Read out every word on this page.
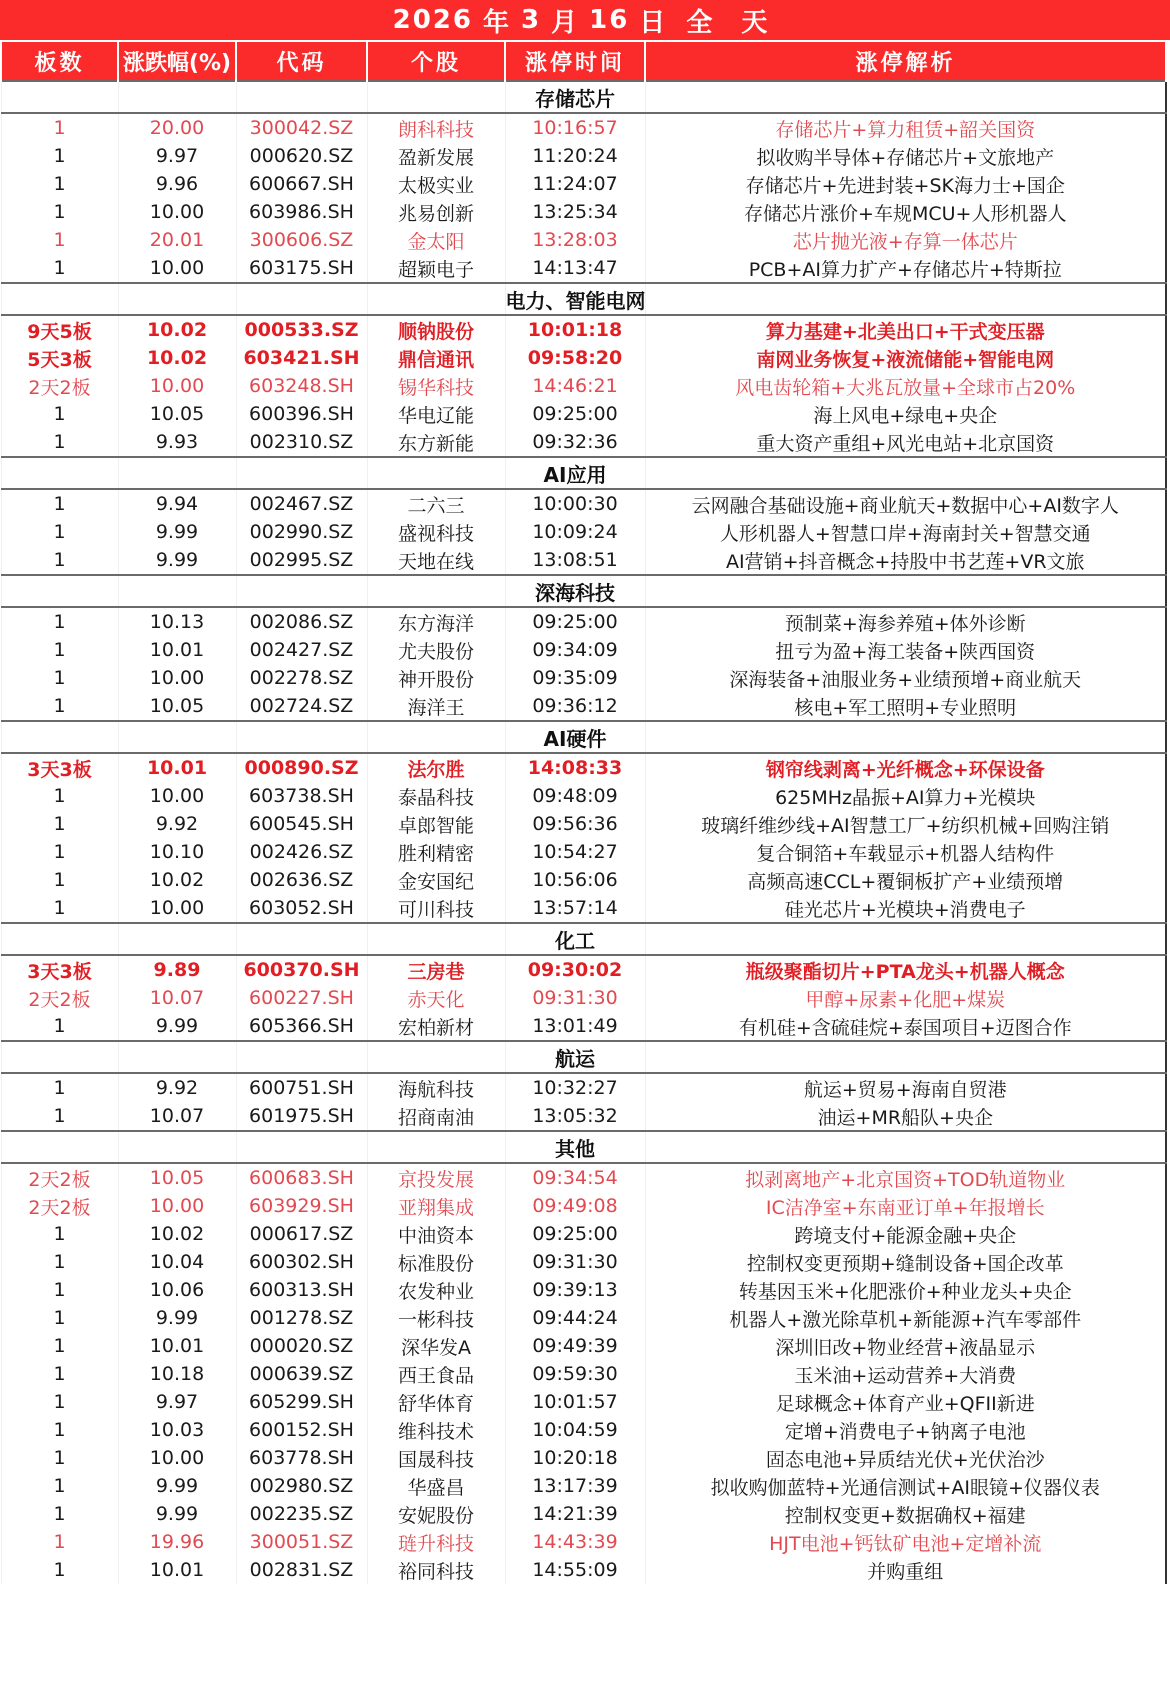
2026 年 3 月 16 日 全 天
板数	涨跌幅(%)	代码	个股	涨停时间	涨停解析
				存储芯片	
1	20.00	300042.SZ	朗科科技	10:16:57	存储芯片+算力租赁+韶关国资
1	9.97	000620.SZ	盈新发展	11:20:24	拟收购半导体+存储芯片+文旅地产
1	9.96	600667.SH	太极实业	11:24:07	存储芯片+先进封装+SK海力士+国企
1	10.00	603986.SH	兆易创新	13:25:34	存储芯片涨价+车规MCU+人形机器人
1	20.01	300606.SZ	金太阳	13:28:03	芯片抛光液+存算一体芯片
1	10.00	603175.SH	超颖电子	14:13:47	PCB+AI算力扩产+存储芯片+特斯拉
				电力、智能电网	
9天5板	10.02	000533.SZ	顺钠股份	10:01:18	算力基建+北美出口+干式变压器
5天3板	10.02	603421.SH	鼎信通讯	09:58:20	南网业务恢复+液流储能+智能电网
2天2板	10.00	603248.SH	锡华科技	14:46:21	风电齿轮箱+大兆瓦放量+全球市占20%
1	10.05	600396.SH	华电辽能	09:25:00	海上风电+绿电+央企
1	9.93	002310.SZ	东方新能	09:32:36	重大资产重组+风光电站+北京国资
				AI应用	
1	9.94	002467.SZ	二六三	10:00:30	云网融合基础设施+商业航天+数据中心+AI数字人
1	9.99	002990.SZ	盛视科技	10:09:24	人形机器人+智慧口岸+海南封关+智慧交通
1	9.99	002995.SZ	天地在线	13:08:51	AI营销+抖音概念+持股中书艺莲+VR文旅
				深海科技	
1	10.13	002086.SZ	东方海洋	09:25:00	预制菜+海参养殖+体外诊断
1	10.01	002427.SZ	尤夫股份	09:34:09	扭亏为盈+海工装备+陕西国资
1	10.00	002278.SZ	神开股份	09:35:09	深海装备+油服业务+业绩预增+商业航天
1	10.05	002724.SZ	海洋王	09:36:12	核电+军工照明+专业照明
				AI硬件	
3天3板	10.01	000890.SZ	法尔胜	14:08:33	钢帘线剥离+光纤概念+环保设备
1	10.00	603738.SH	泰晶科技	09:48:09	625MHz晶振+AI算力+光模块
1	9.92	600545.SH	卓郎智能	09:56:36	玻璃纤维纱线+AI智慧工厂+纺织机械+回购注销
1	10.10	002426.SZ	胜利精密	10:54:27	复合铜箔+车载显示+机器人结构件
1	10.02	002636.SZ	金安国纪	10:56:06	高频高速CCL+覆铜板扩产+业绩预增
1	10.00	603052.SH	可川科技	13:57:14	硅光芯片+光模块+消费电子
				化工	
3天3板	9.89	600370.SH	三房巷	09:30:02	瓶级聚酯切片+PTA龙头+机器人概念
2天2板	10.07	600227.SH	赤天化	09:31:30	甲醇+尿素+化肥+煤炭
1	9.99	605366.SH	宏柏新材	13:01:49	有机硅+含硫硅烷+泰国项目+迈图合作
				航运	
1	9.92	600751.SH	海航科技	10:32:27	航运+贸易+海南自贸港
1	10.07	601975.SH	招商南油	13:05:32	油运+MR船队+央企
				其他	
2天2板	10.05	600683.SH	京投发展	09:34:54	拟剥离地产+北京国资+TOD轨道物业
2天2板	10.00	603929.SH	亚翔集成	09:49:08	IC洁净室+东南亚订单+年报增长
1	10.02	000617.SZ	中油资本	09:25:00	跨境支付+能源金融+央企
1	10.04	600302.SH	标准股份	09:31:30	控制权变更预期+缝制设备+国企改革
1	10.06	600313.SH	农发种业	09:39:13	转基因玉米+化肥涨价+种业龙头+央企
1	9.99	001278.SZ	一彬科技	09:44:24	机器人+激光除草机+新能源+汽车零部件
1	10.01	000020.SZ	深华发A	09:49:39	深圳旧改+物业经营+液晶显示
1	10.18	000639.SZ	西王食品	09:59:30	玉米油+运动营养+大消费
1	9.97	605299.SH	舒华体育	10:01:57	足球概念+体育产业+QFII新进
1	10.03	600152.SH	维科技术	10:04:59	定增+消费电子+钠离子电池
1	10.00	603778.SH	国晟科技	10:20:18	固态电池+异质结光伏+光伏治沙
1	9.99	002980.SZ	华盛昌	13:17:39	拟收购伽蓝特+光通信测试+AI眼镜+仪器仪表
1	9.99	002235.SZ	安妮股份	14:21:39	控制权变更+数据确权+福建
1	19.96	300051.SZ	琏升科技	14:43:39	HJT电池+钙钛矿电池+定增补流
1	10.01	002831.SZ	裕同科技	14:55:09	并购重组
